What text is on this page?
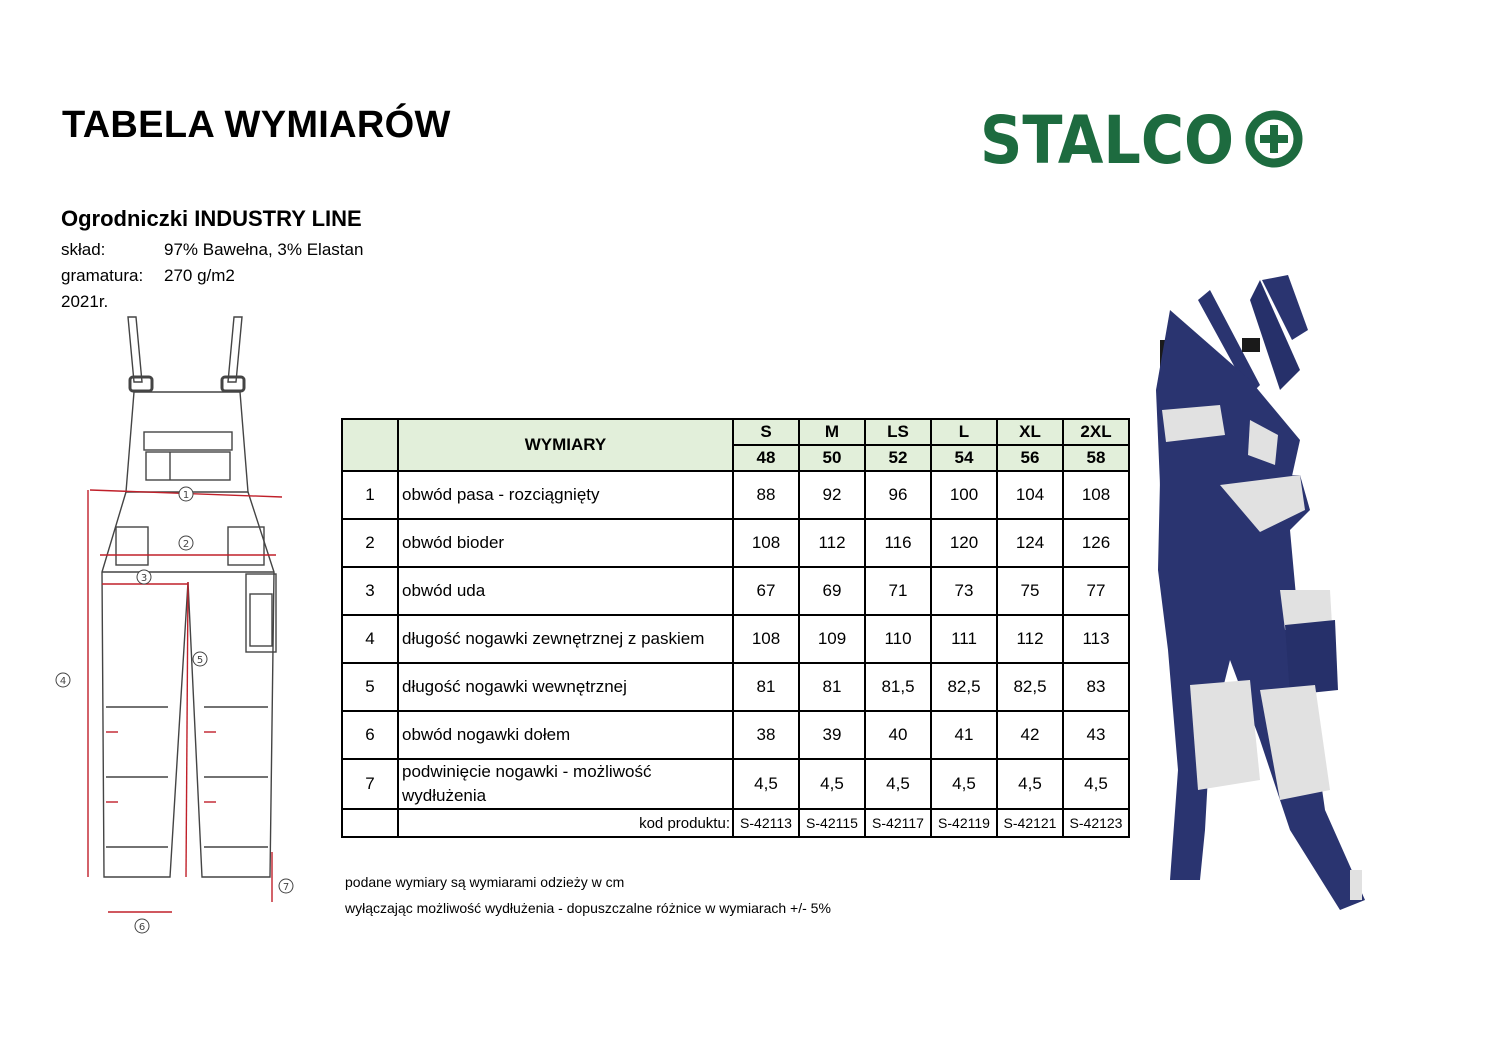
TABELA WYMIARÓW	STALCO
Ogrodniczki INDUSTRY LINE
skład:	97% Bawełna, 3% Elastan
gramatura: 270 g/m2
2021r.
1
2
3
4
5
6
7
	WYMIARY	S	M	LS	L	XL	2XL
		48	50	52	54	56	58
1	obwód pasa - rozciągnięty	88	92	96	100	104	108
2	obwód bioder	108	112	116	120	124	126
3	obwód uda	67	69	71	73	75	77
4	długość nogawki zewnętrznej z paskiem	108	109	110	111	112	113
5	długość nogawki wewnętrznej	81	81	81,5	82,5	82,5	83
6	obwód nogawki dołem	38	39	40	41	42	43
7	podwinięcie nogawki - możliwość wydłużenia	4,5	4,5	4,5	4,5	4,5	4,5
	kod produktu:	S-42113	S-42115	S-42117	S-42119	S-42121	S-42123
podane wymiary są wymiarami odzieży w cm
wyłączając możliwość wydłużenia - dopuszczalne różnice w wymiarach +/- 5%
